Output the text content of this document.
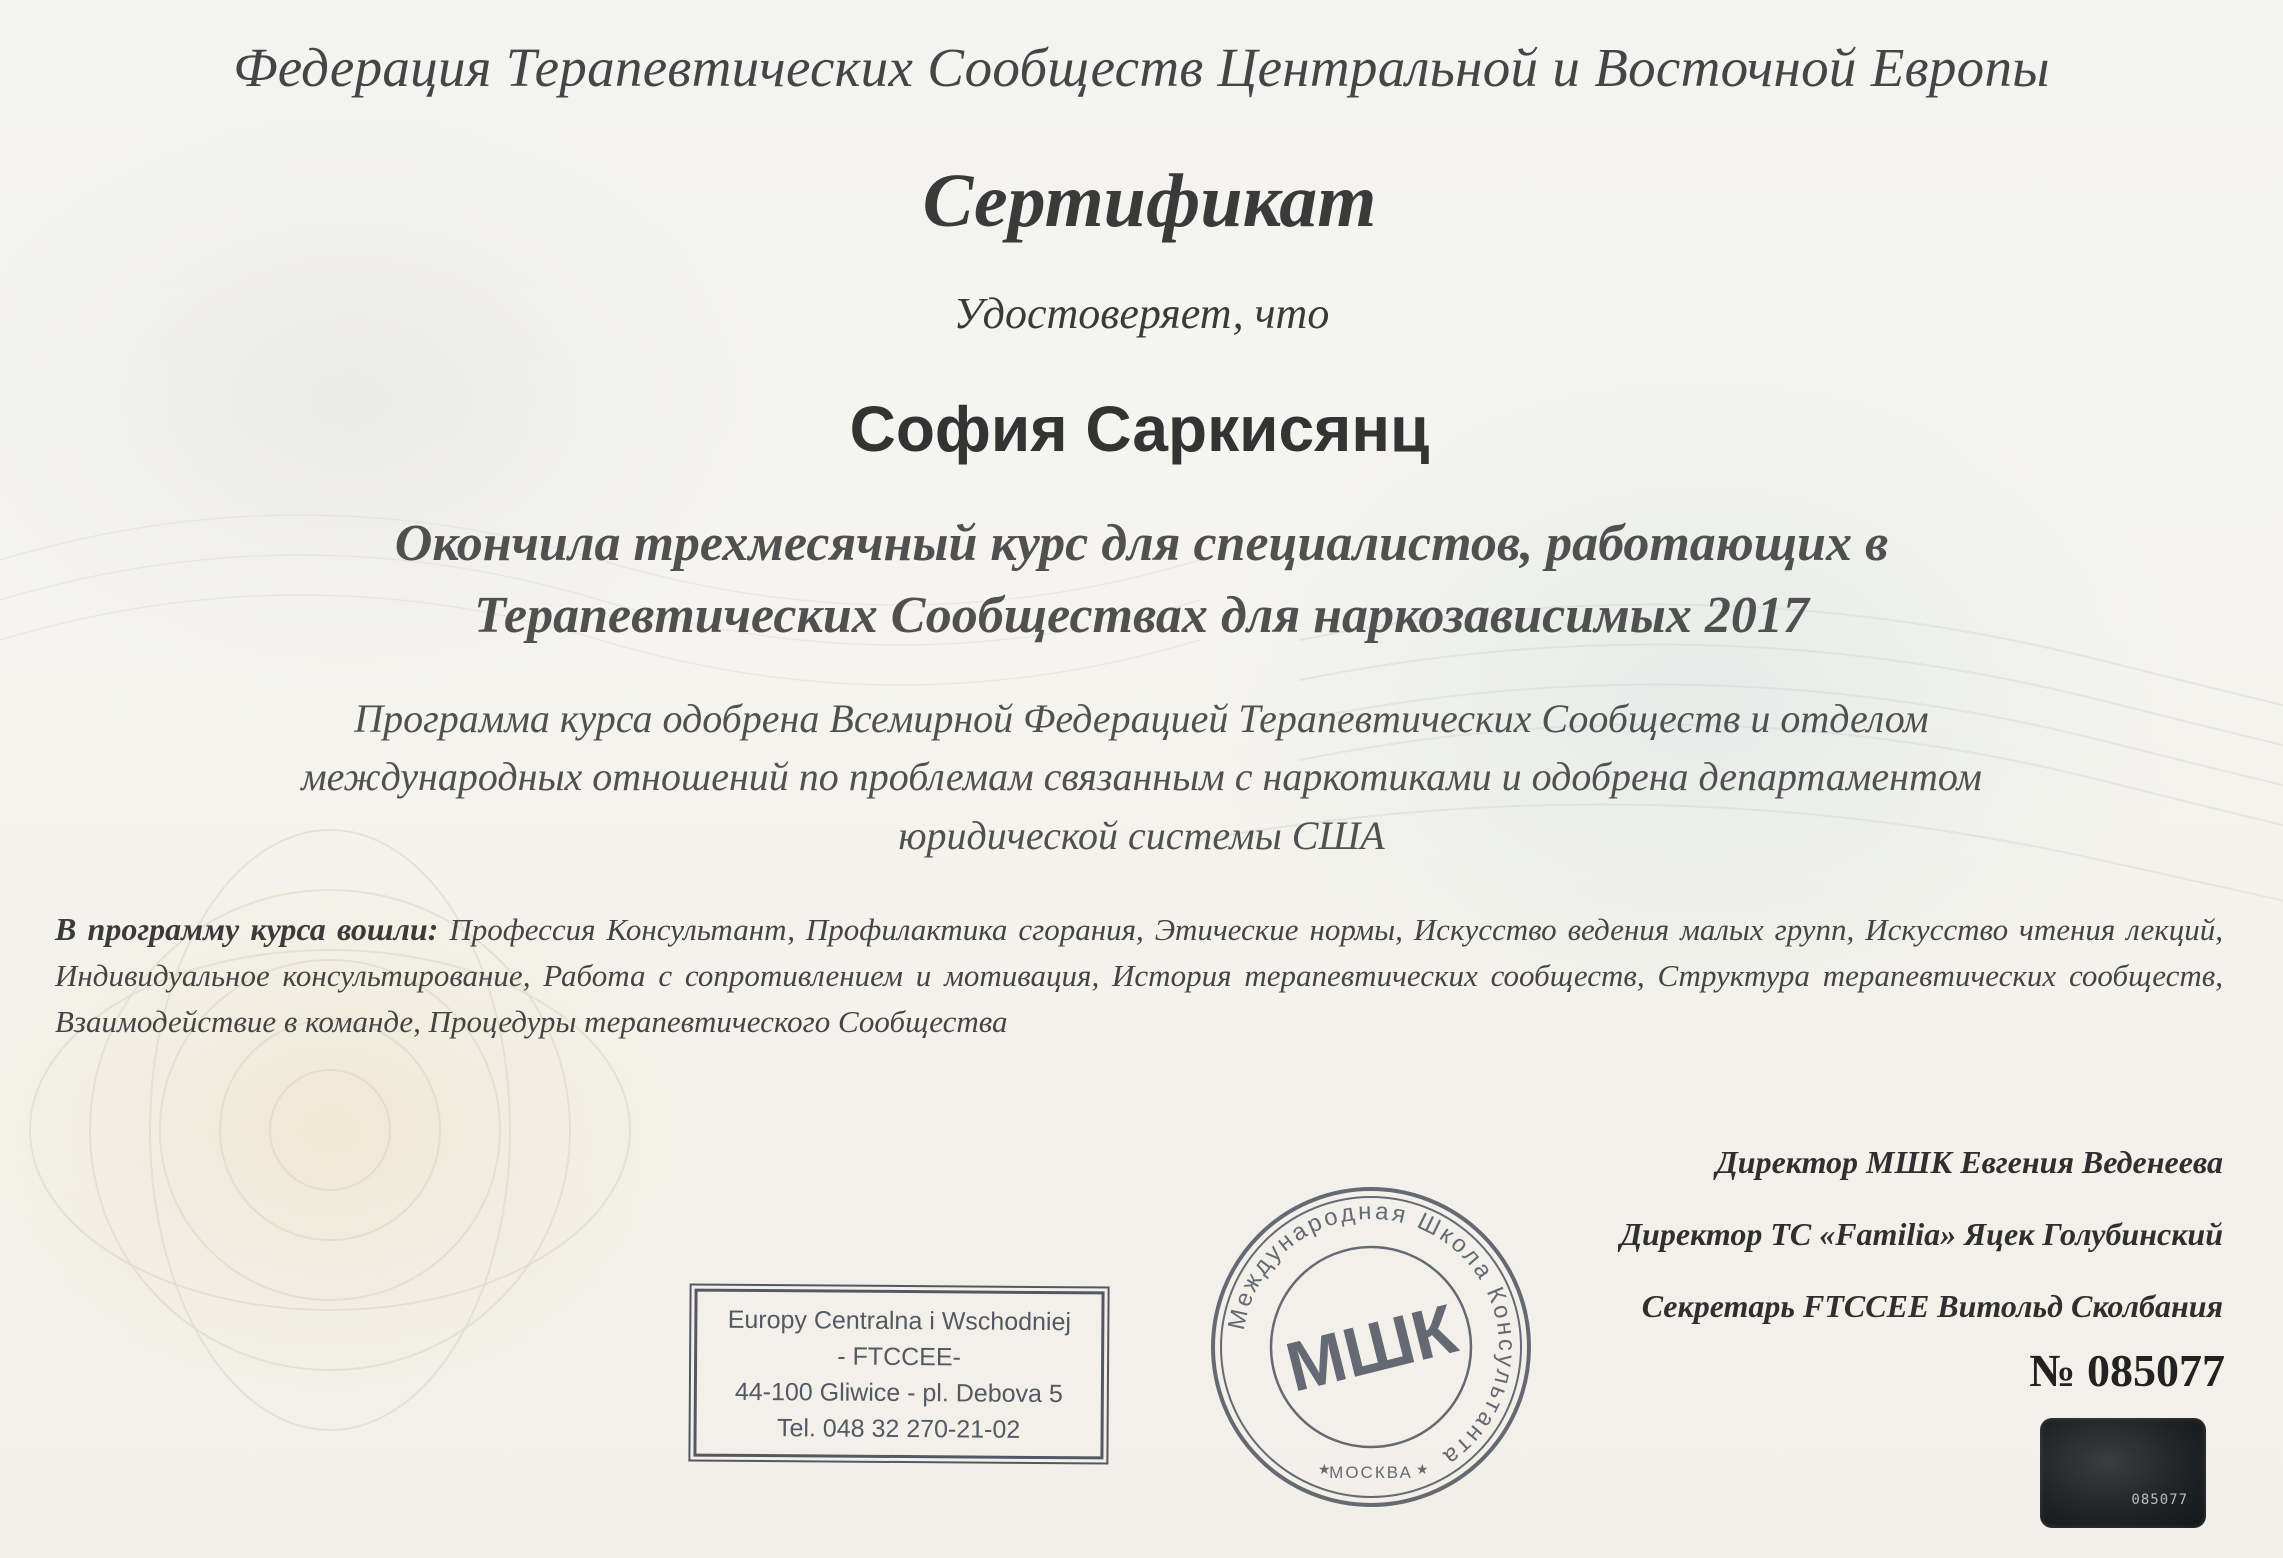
Федерация Терапевтических Сообществ Центральной и Восточной Европы
Сертификат
Удостоверяет, что
София Саркисянц
Окончила трехмесячный курс для специалистов, работающих в
Терапевтических Сообществах для наркозависимых 2017
Программа курса одобрена Всемирной Федерацией Терапевтических Сообществ и отделом
международных отношений по проблемам связанным с наркотиками и одобрена департаментом
юридической системы США
В программу курса вошли: Профессия Консультант, Профилактика сгорания, Этические нормы, Искусство ведения малых групп, Искусство чтения лекций, Индивидуальное консультирование, Работа с сопротивлением и мотивация, История терапевтических сообществ, Структура терапевтических сообществ, Взаимодействие в команде, Процедуры терапевтического Сообщества
Директор МШК Евгения Веденеева
Директор ТС «Familia» Яцек Голубинский
Секретарь FTCCEE Витольд Сколбания
№ 085077
085077
Europy Centralna i Wschodniej
- FTCCEE-
44-100 Gliwice - pl. Debova 5
Tel. 048 32 270-21-02
Международная Школа Консультанта
МШК
МОСКВА
★	★
